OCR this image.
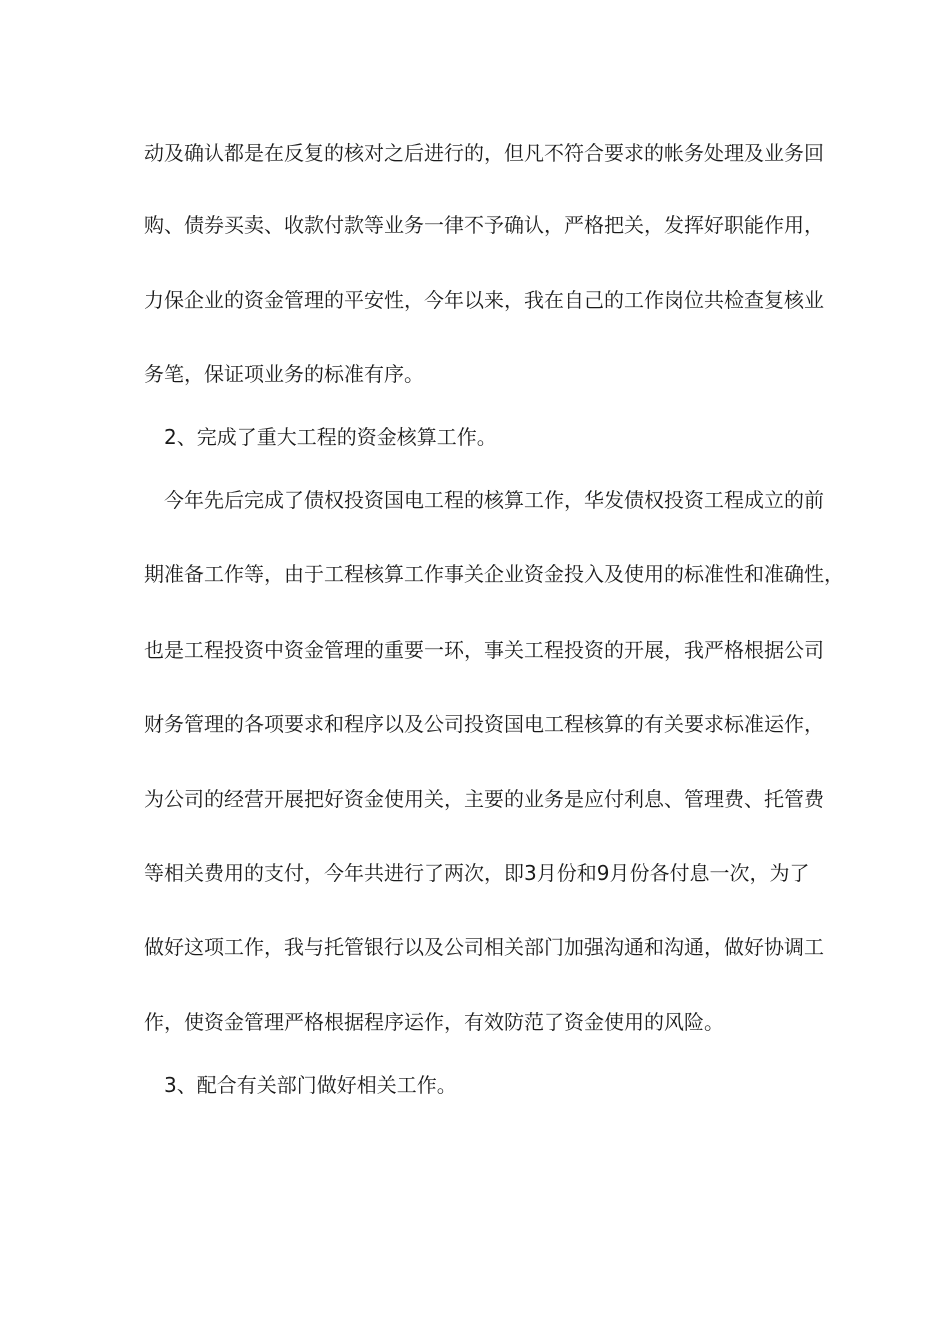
动及确认都是在反复的核对之后进行的，但凡不符合要求的帐务处理及业务回
购、债券买卖、收款付款等业务一律不予确认，严格把关，发挥好职能作用，
力保企业的资金管理的平安性，今年以来，我在自己的工作岗位共检查复核业
务笔，保证项业务的标准有序。
2、完成了重大工程的资金核算工作。
今年先后完成了债权投资国电工程的核算工作，华发债权投资工程成立的前
期准备工作等，由于工程核算工作事关企业资金投入及使用的标准性和准确性，
也是工程投资中资金管理的重要一环，事关工程投资的开展，我严格根据公司
财务管理的各项要求和程序以及公司投资国电工程核算的有关要求标准运作，
为公司的经营开展把好资金使用关，主要的业务是应付利息、管理费、托管费
等相关费用的支付，今年共进行了两次，即3月份和9月份各付息一次，为了
做好这项工作，我与托管银行以及公司相关部门加强沟通和沟通，做好协调工
作，使资金管理严格根据程序运作，有效防范了资金使用的风险。
3、配合有关部门做好相关工作。
